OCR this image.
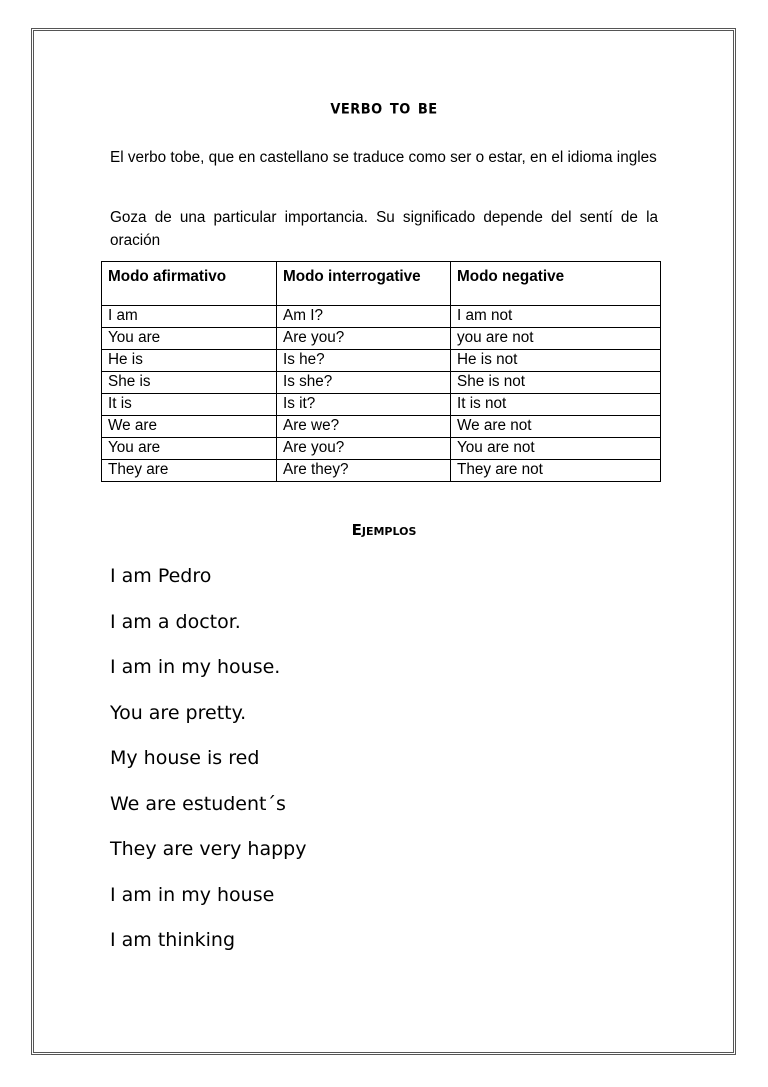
verbo to be

El verbo tobe, que en castellano se traduce como ser o estar, en el idioma ingles

Goza de una particular importancia. Su significado depende del sentí de la oración

Modo afirmativo	Modo interrogative	Modo negative
I am	Am I?	I am not
You are	Are you?	you are not
He is	Is he?	He is not
She is	Is she?	She is not
It is	Is it?	It is not
We are	Are we?	We are not
You are	Are you?	You are not
They are	Are they?	They are not
Ejemplos
I am Pedro
I am a doctor.
I am in my house.
You are pretty.
My house is red
We are estudent´s
They are very happy
I am in my house
I am thinking
